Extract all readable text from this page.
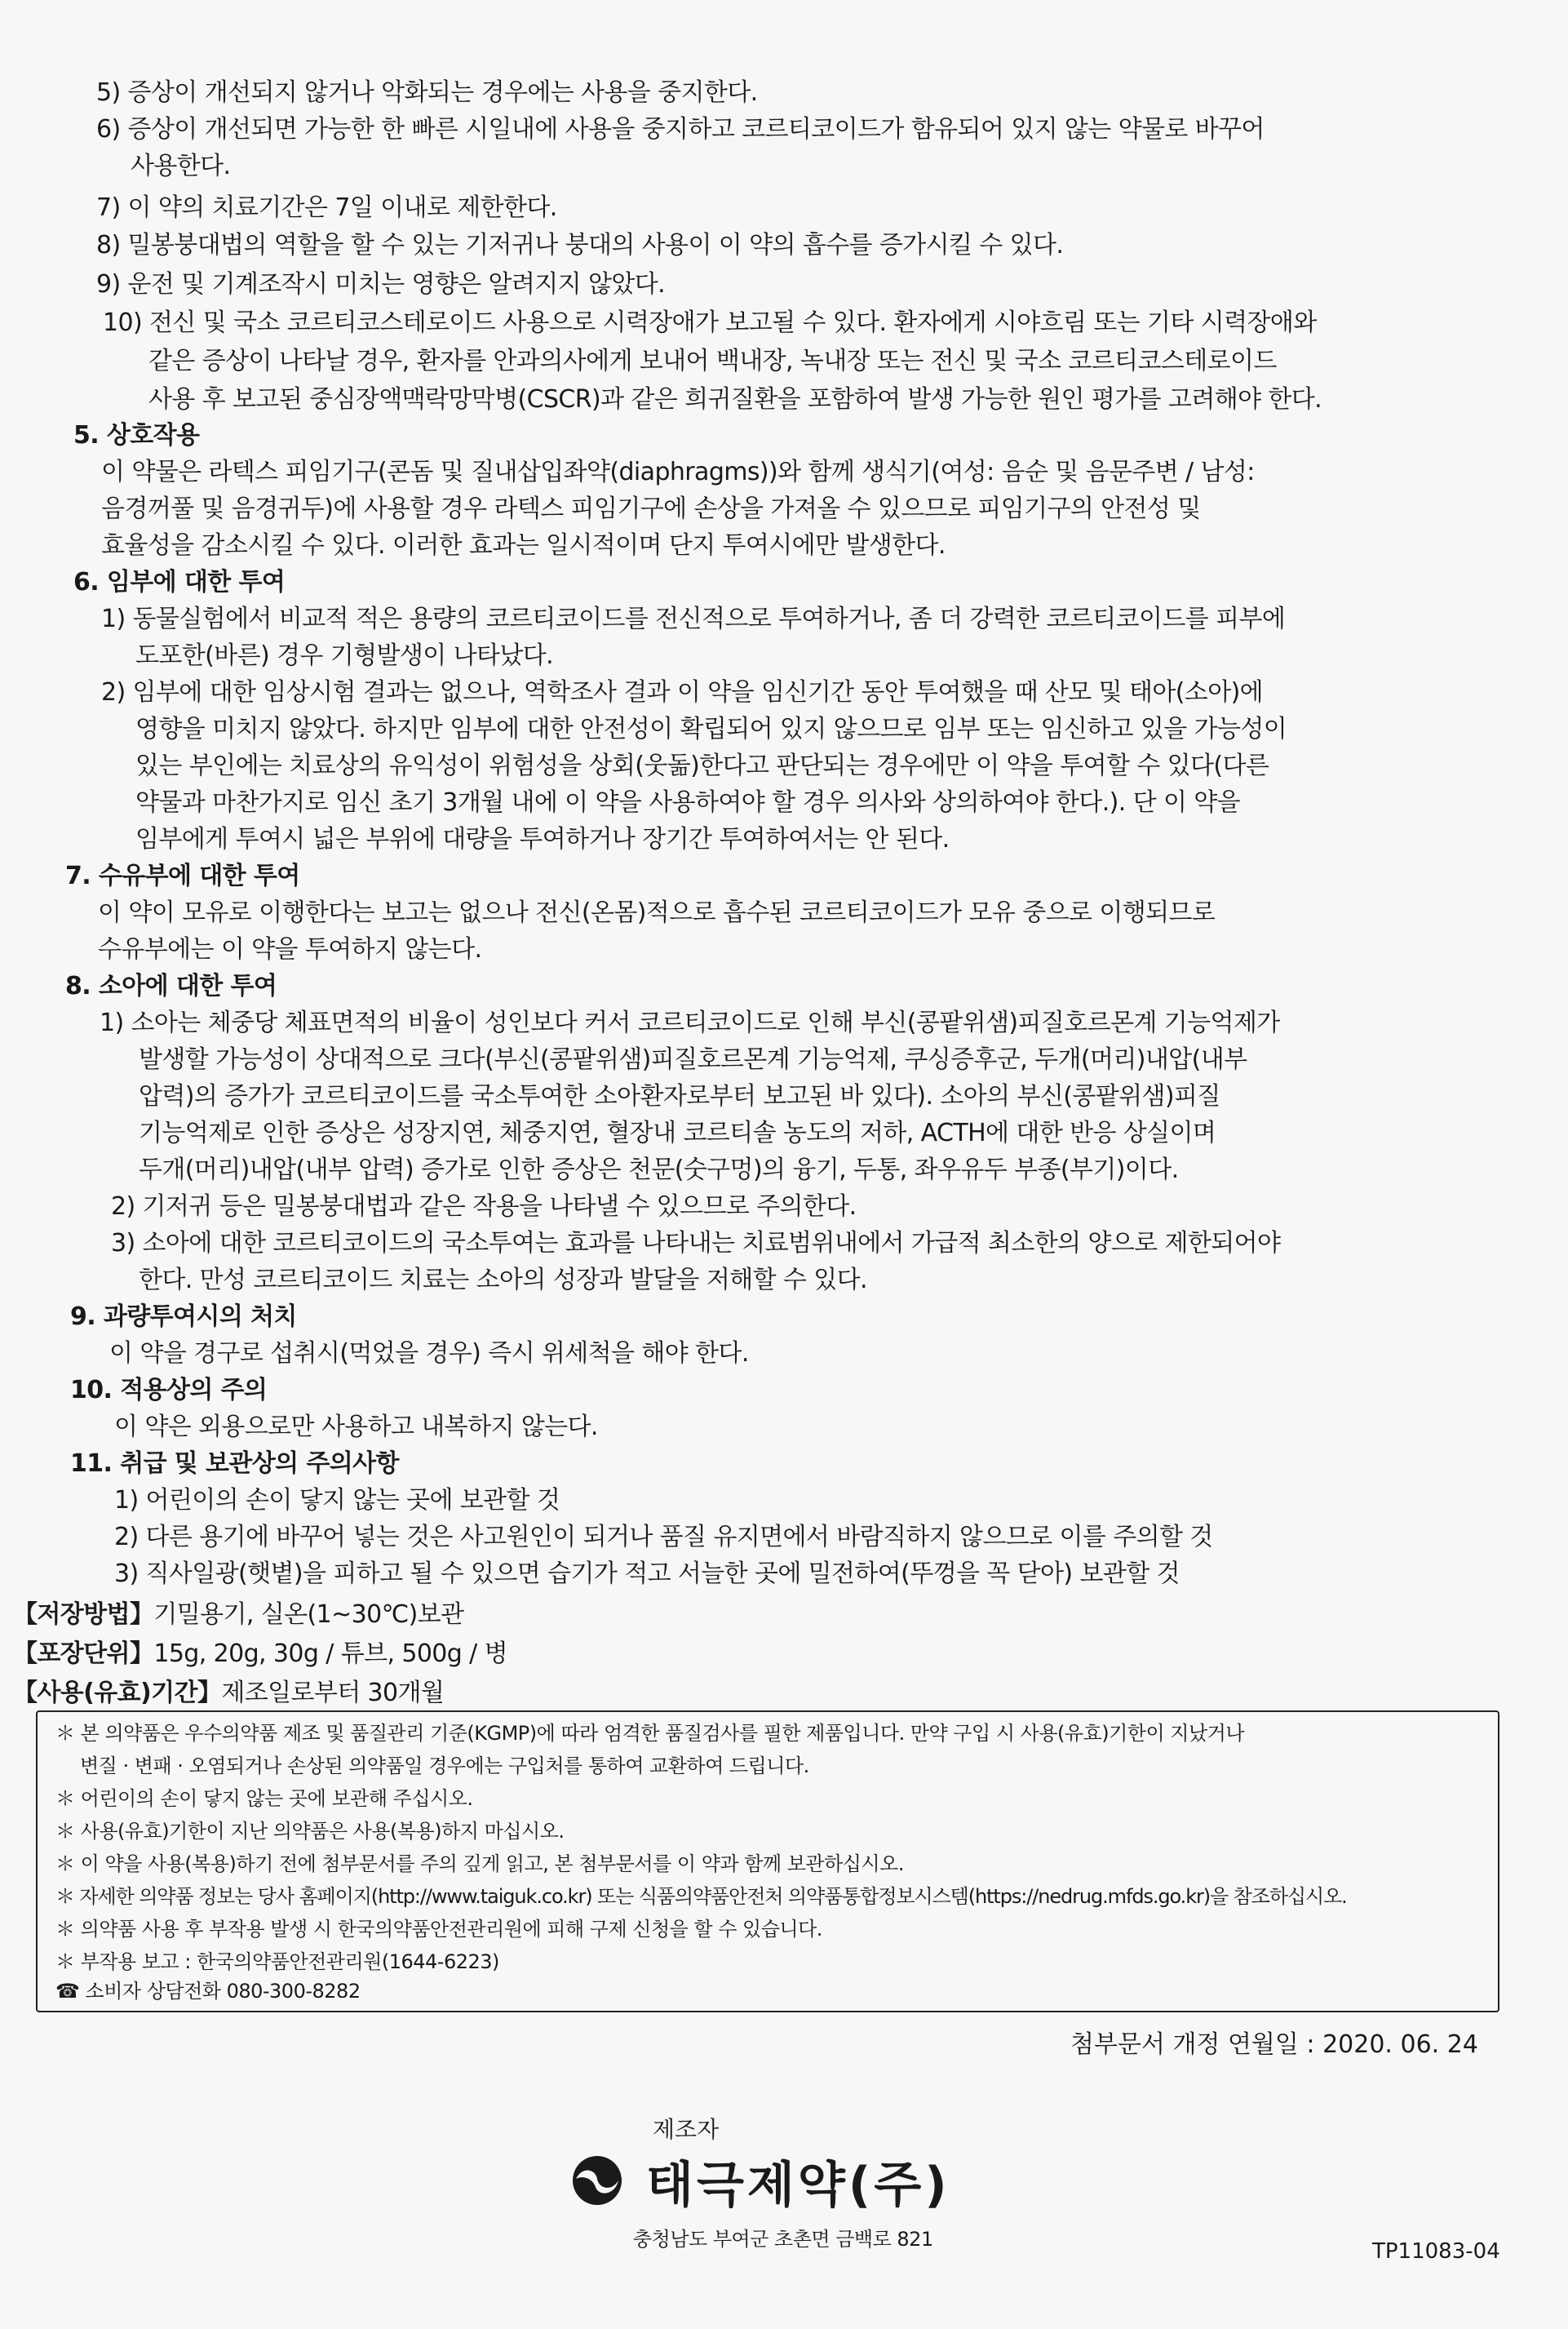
5) 증상이 개선되지 않거나 악화되는 경우에는 사용을 중지한다.
6) 증상이 개선되면 가능한 한 빠른 시일내에 사용을 중지하고 코르티코이드가 함유되어 있지 않는 약물로 바꾸어
사용한다.
7) 이 약의 치료기간은 7일 이내로 제한한다.
8) 밀봉붕대법의 역할을 할 수 있는 기저귀나 붕대의 사용이 이 약의 흡수를 증가시킬 수 있다.
9) 운전 및 기계조작시 미치는 영향은 알려지지 않았다.
10) 전신 및 국소 코르티코스테로이드 사용으로 시력장애가 보고될 수 있다. 환자에게 시야흐림 또는 기타 시력장애와
같은 증상이 나타날 경우, 환자를 안과의사에게 보내어 백내장, 녹내장 또는 전신 및 국소 코르티코스테로이드
사용 후 보고된 중심장액맥락망막병(CSCR)과 같은 희귀질환을 포함하여 발생 가능한 원인 평가를 고려해야 한다.
5. 상호작용
이 약물은 라텍스 피임기구(콘돔 및 질내삽입좌약(diaphragms))와 함께 생식기(여성: 음순 및 음문주변 / 남성:
음경꺼풀 및 음경귀두)에 사용할 경우 라텍스 피임기구에 손상을 가져올 수 있으므로 피임기구의 안전성 및
효율성을 감소시킬 수 있다. 이러한 효과는 일시적이며 단지 투여시에만 발생한다.
6. 임부에 대한 투여
1) 동물실험에서 비교적 적은 용량의 코르티코이드를 전신적으로 투여하거나, 좀 더 강력한 코르티코이드를 피부에
도포한(바른) 경우 기형발생이 나타났다.
2) 임부에 대한 임상시험 결과는 없으나, 역학조사 결과 이 약을 임신기간 동안 투여했을 때 산모 및 태아(소아)에
영향을 미치지 않았다. 하지만 임부에 대한 안전성이 확립되어 있지 않으므로 임부 또는 임신하고 있을 가능성이
있는 부인에는 치료상의 유익성이 위험성을 상회(웃돎)한다고 판단되는 경우에만 이 약을 투여할 수 있다(다른
약물과 마찬가지로 임신 초기 3개월 내에 이 약을 사용하여야 할 경우 의사와 상의하여야 한다.). 단 이 약을
임부에게 투여시 넓은 부위에 대량을 투여하거나 장기간 투여하여서는 안 된다.
7. 수유부에 대한 투여
이 약이 모유로 이행한다는 보고는 없으나 전신(온몸)적으로 흡수된 코르티코이드가 모유 중으로 이행되므로
수유부에는 이 약을 투여하지 않는다.
8. 소아에 대한 투여
1) 소아는 체중당 체표면적의 비율이 성인보다 커서 코르티코이드로 인해 부신(콩팥위샘)피질호르몬계 기능억제가
발생할 가능성이 상대적으로 크다(부신(콩팥위샘)피질호르몬계 기능억제, 쿠싱증후군, 두개(머리)내압(내부
압력)의 증가가 코르티코이드를 국소투여한 소아환자로부터 보고된 바 있다). 소아의 부신(콩팥위샘)피질
기능억제로 인한 증상은 성장지연, 체중지연, 혈장내 코르티솔 농도의 저하, ACTH에 대한 반응 상실이며
두개(머리)내압(내부 압력) 증가로 인한 증상은 천문(숫구멍)의 융기, 두통, 좌우유두 부종(부기)이다.
2) 기저귀 등은 밀봉붕대법과 같은 작용을 나타낼 수 있으므로 주의한다.
3) 소아에 대한 코르티코이드의 국소투여는 효과를 나타내는 치료범위내에서 가급적 최소한의 양으로 제한되어야
한다. 만성 코르티코이드 치료는 소아의 성장과 발달을 저해할 수 있다.
9. 과량투여시의 처치
이 약을 경구로 섭취시(먹었을 경우) 즉시 위세척을 해야 한다.
10. 적용상의 주의
이 약은 외용으로만 사용하고 내복하지 않는다.
11. 취급 및 보관상의 주의사항
1) 어린이의 손이 닿지 않는 곳에 보관할 것
2) 다른 용기에 바꾸어 넣는 것은 사고원인이 되거나 품질 유지면에서 바람직하지 않으므로 이를 주의할 것
3) 직사일광(햇볕)을 피하고 될 수 있으면 습기가 적고 서늘한 곳에 밀전하여(뚜껑을 꼭 닫아) 보관할 것
【저장방법】기밀용기, 실온(1~30℃)보관
【포장단위】15g, 20g, 30g / 튜브, 500g / 병
【사용(유효)기간】제조일로부터 30개월
＊ 본 의약품은 우수의약품 제조 및 품질관리 기준(KGMP)에 따라 엄격한 품질검사를 필한 제품입니다. 만약 구입 시 사용(유효)기한이 지났거나
변질 · 변패 · 오염되거나 손상된 의약품일 경우에는 구입처를 통하여 교환하여 드립니다.
＊ 어린이의 손이 닿지 않는 곳에 보관해 주십시오.
＊ 사용(유효)기한이 지난 의약품은 사용(복용)하지 마십시오.
＊ 이 약을 사용(복용)하기 전에 첨부문서를 주의 깊게 읽고, 본 첨부문서를 이 약과 함께 보관하십시오.
＊ 자세한 의약품 정보는 당사 홈페이지(http://www.taiguk.co.kr) 또는 식품의약품안전처 의약품통합정보시스템(https://nedrug.mfds.go.kr)을 참조하십시오.
＊ 의약품 사용 후 부작용 발생 시 한국의약품안전관리원에 피해 구제 신청을 할 수 있습니다.
＊ 부작용 보고 : 한국의약품안전관리원(1644-6223)
☎ 소비자 상담전화 080-300-8282
첨부문서 개정 연월일 : 2020. 06. 24
제조자
태극제약(주)
충청남도 부여군 초촌면 금백로 821	TP11083-04
